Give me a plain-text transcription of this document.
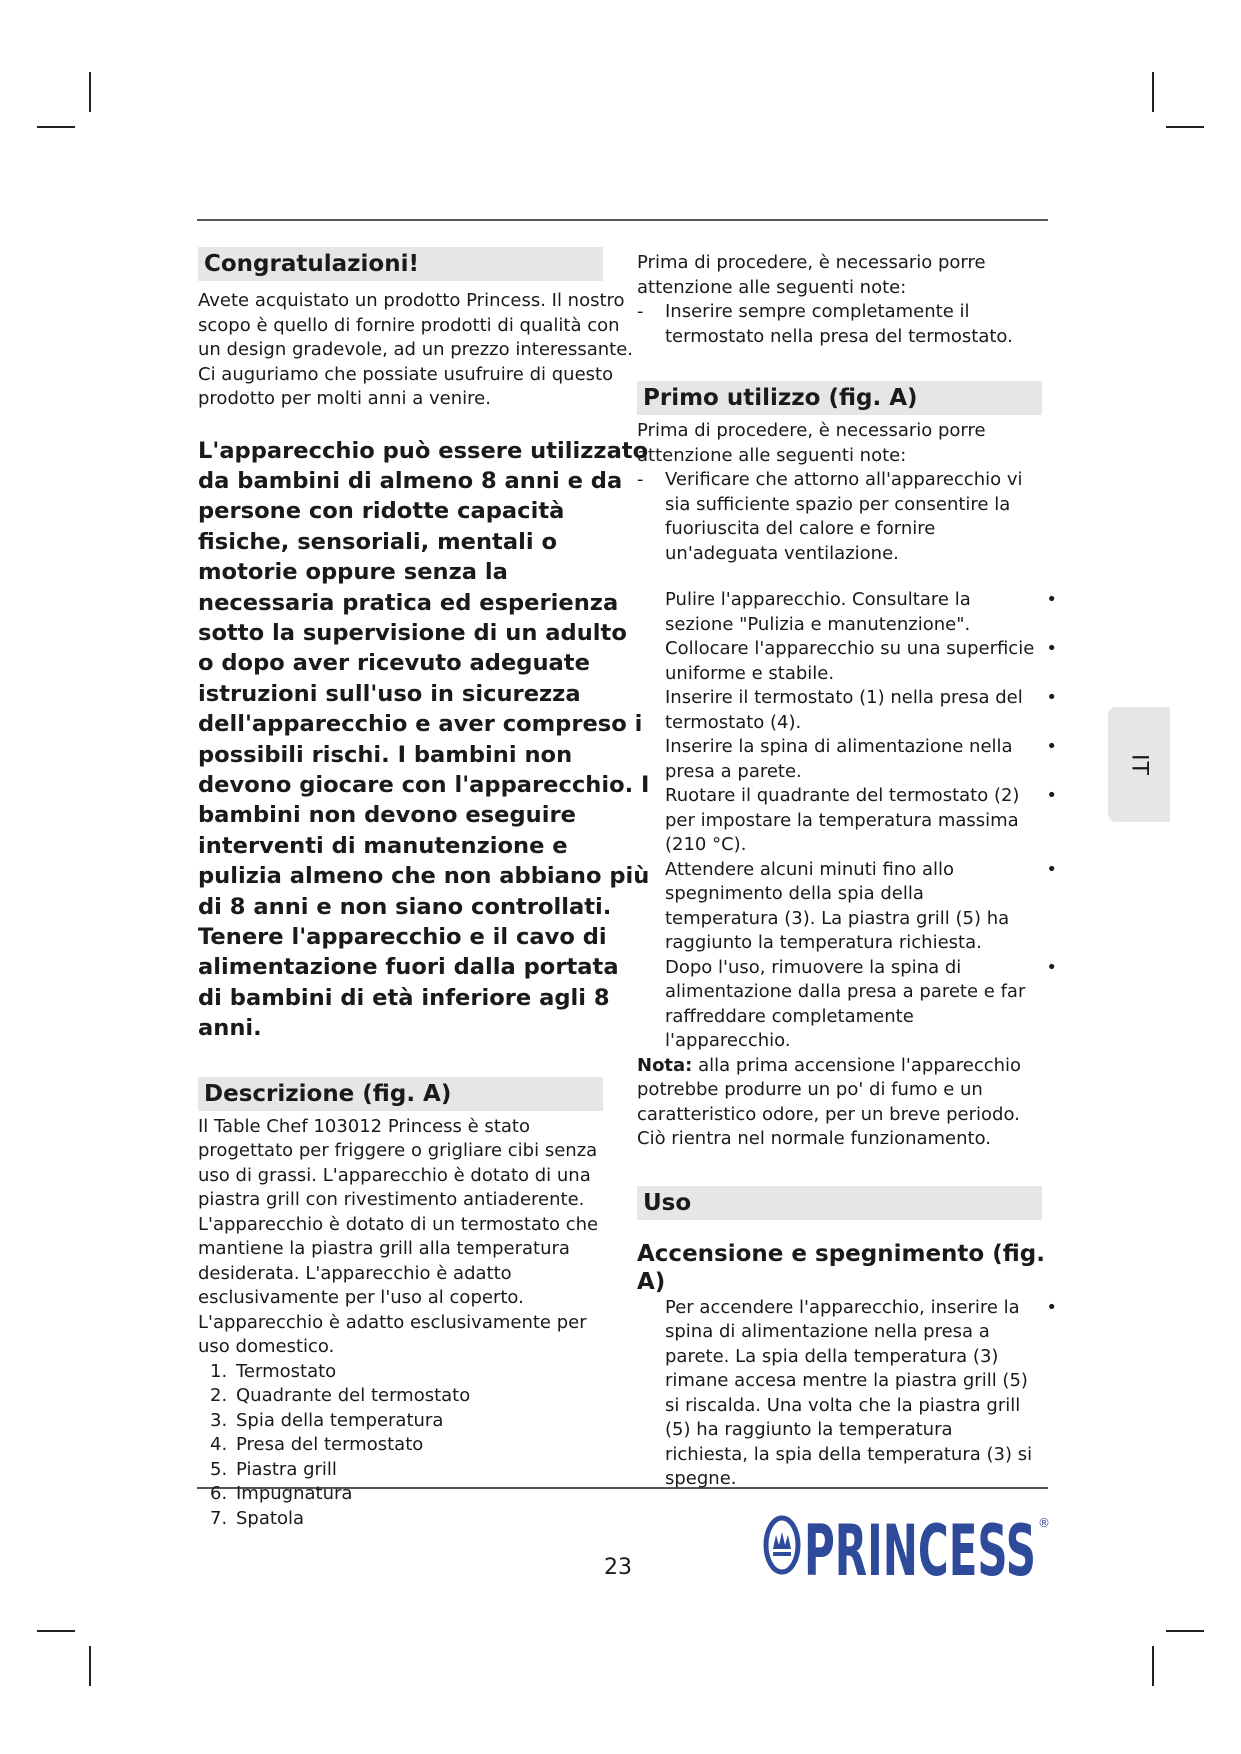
Congratulazioni!

Avete acquistato un prodotto Princess. Il nostro scopo è quello di fornire prodotti di qualità con un design gradevole, ad un prezzo interessante. Ci auguriamo che possiate usufruire di questo prodotto per molti anni a venire.

L'apparecchio può essere utilizzato da bambini di almeno 8 anni e da persone con ridotte capacità fisiche, sensoriali, mentali o motorie oppure senza la necessaria pratica ed esperienza sotto la supervisione di un adulto o dopo aver ricevuto adeguate istruzioni sull'uso in sicurezza dell'apparecchio e aver compreso i possibili rischi. I bambini non devono giocare con l'apparecchio. I bambini non devono eseguire interventi di manutenzione e pulizia almeno che non abbiano più di 8 anni e non siano controllati. Tenere l'apparecchio e il cavo di alimentazione fuori dalla portata di bambini di età inferiore agli 8 anni.

Descrizione (fig. A)

Il Table Chef 103012 Princess è stato progettato per friggere o grigliare cibi senza uso di grassi. L'apparecchio è dotato di una piastra grill con rivestimento antiaderente. L'apparecchio è dotato di un termostato che mantiene la piastra grill alla temperatura desiderata. L'apparecchio è adatto esclusivamente per l'uso al coperto. L'apparecchio è adatto esclusivamente per uso domestico.

1. Termostato
2. Quadrante del termostato
3. Spia della temperatura
4. Presa del termostato
5. Piastra grill
6. Impugnatura
7. Spatola

Prima di procedere, è necessario porre attenzione alle seguenti note:

- Inserire sempre completamente il termostato nella presa del termostato.
Primo utilizzo (fig. A)

Prima di procedere, è necessario porre attenzione alle seguenti note:

- Verificare che attorno all'apparecchio vi sia sufficiente spazio per consentire la fuoriuscita del calore e fornire un'adeguata ventilazione.
Pulire l'apparecchio. Consultare la sezione "Pulizia e manutenzione".
•
Collocare l'apparecchio su una superficie uniforme e stabile.
•
Inserire il termostato (1) nella presa del termostato (4).
•
Inserire la spina di alimentazione nella presa a parete.
•
Ruotare il quadrante del termostato (2) per impostare la temperatura massima (210 °C).
•
Attendere alcuni minuti fino allo spegnimento della spia della temperatura (3). La piastra grill (5) ha raggiunto la temperatura richiesta.
•
Dopo l'uso, rimuovere la spina di alimentazione dalla presa a parete e far raffreddare completamente l'apparecchio.
•

Nota: alla prima accensione l'apparecchio potrebbe produrre un po' di fumo e un caratteristico odore, per un breve periodo. Ciò rientra nel normale funzionamento.

Uso
Accensione e spegnimento (fig. A)
Per accendere l'apparecchio, inserire la spina di alimentazione nella presa a parete. La spia della temperatura (3) rimane accesa mentre la piastra grill (5) si riscalda. Una volta che la piastra grill (5) ha raggiunto la temperatura richiesta, la spia della temperatura (3) si spegne.
•
IT
23 PRINCESS ®
